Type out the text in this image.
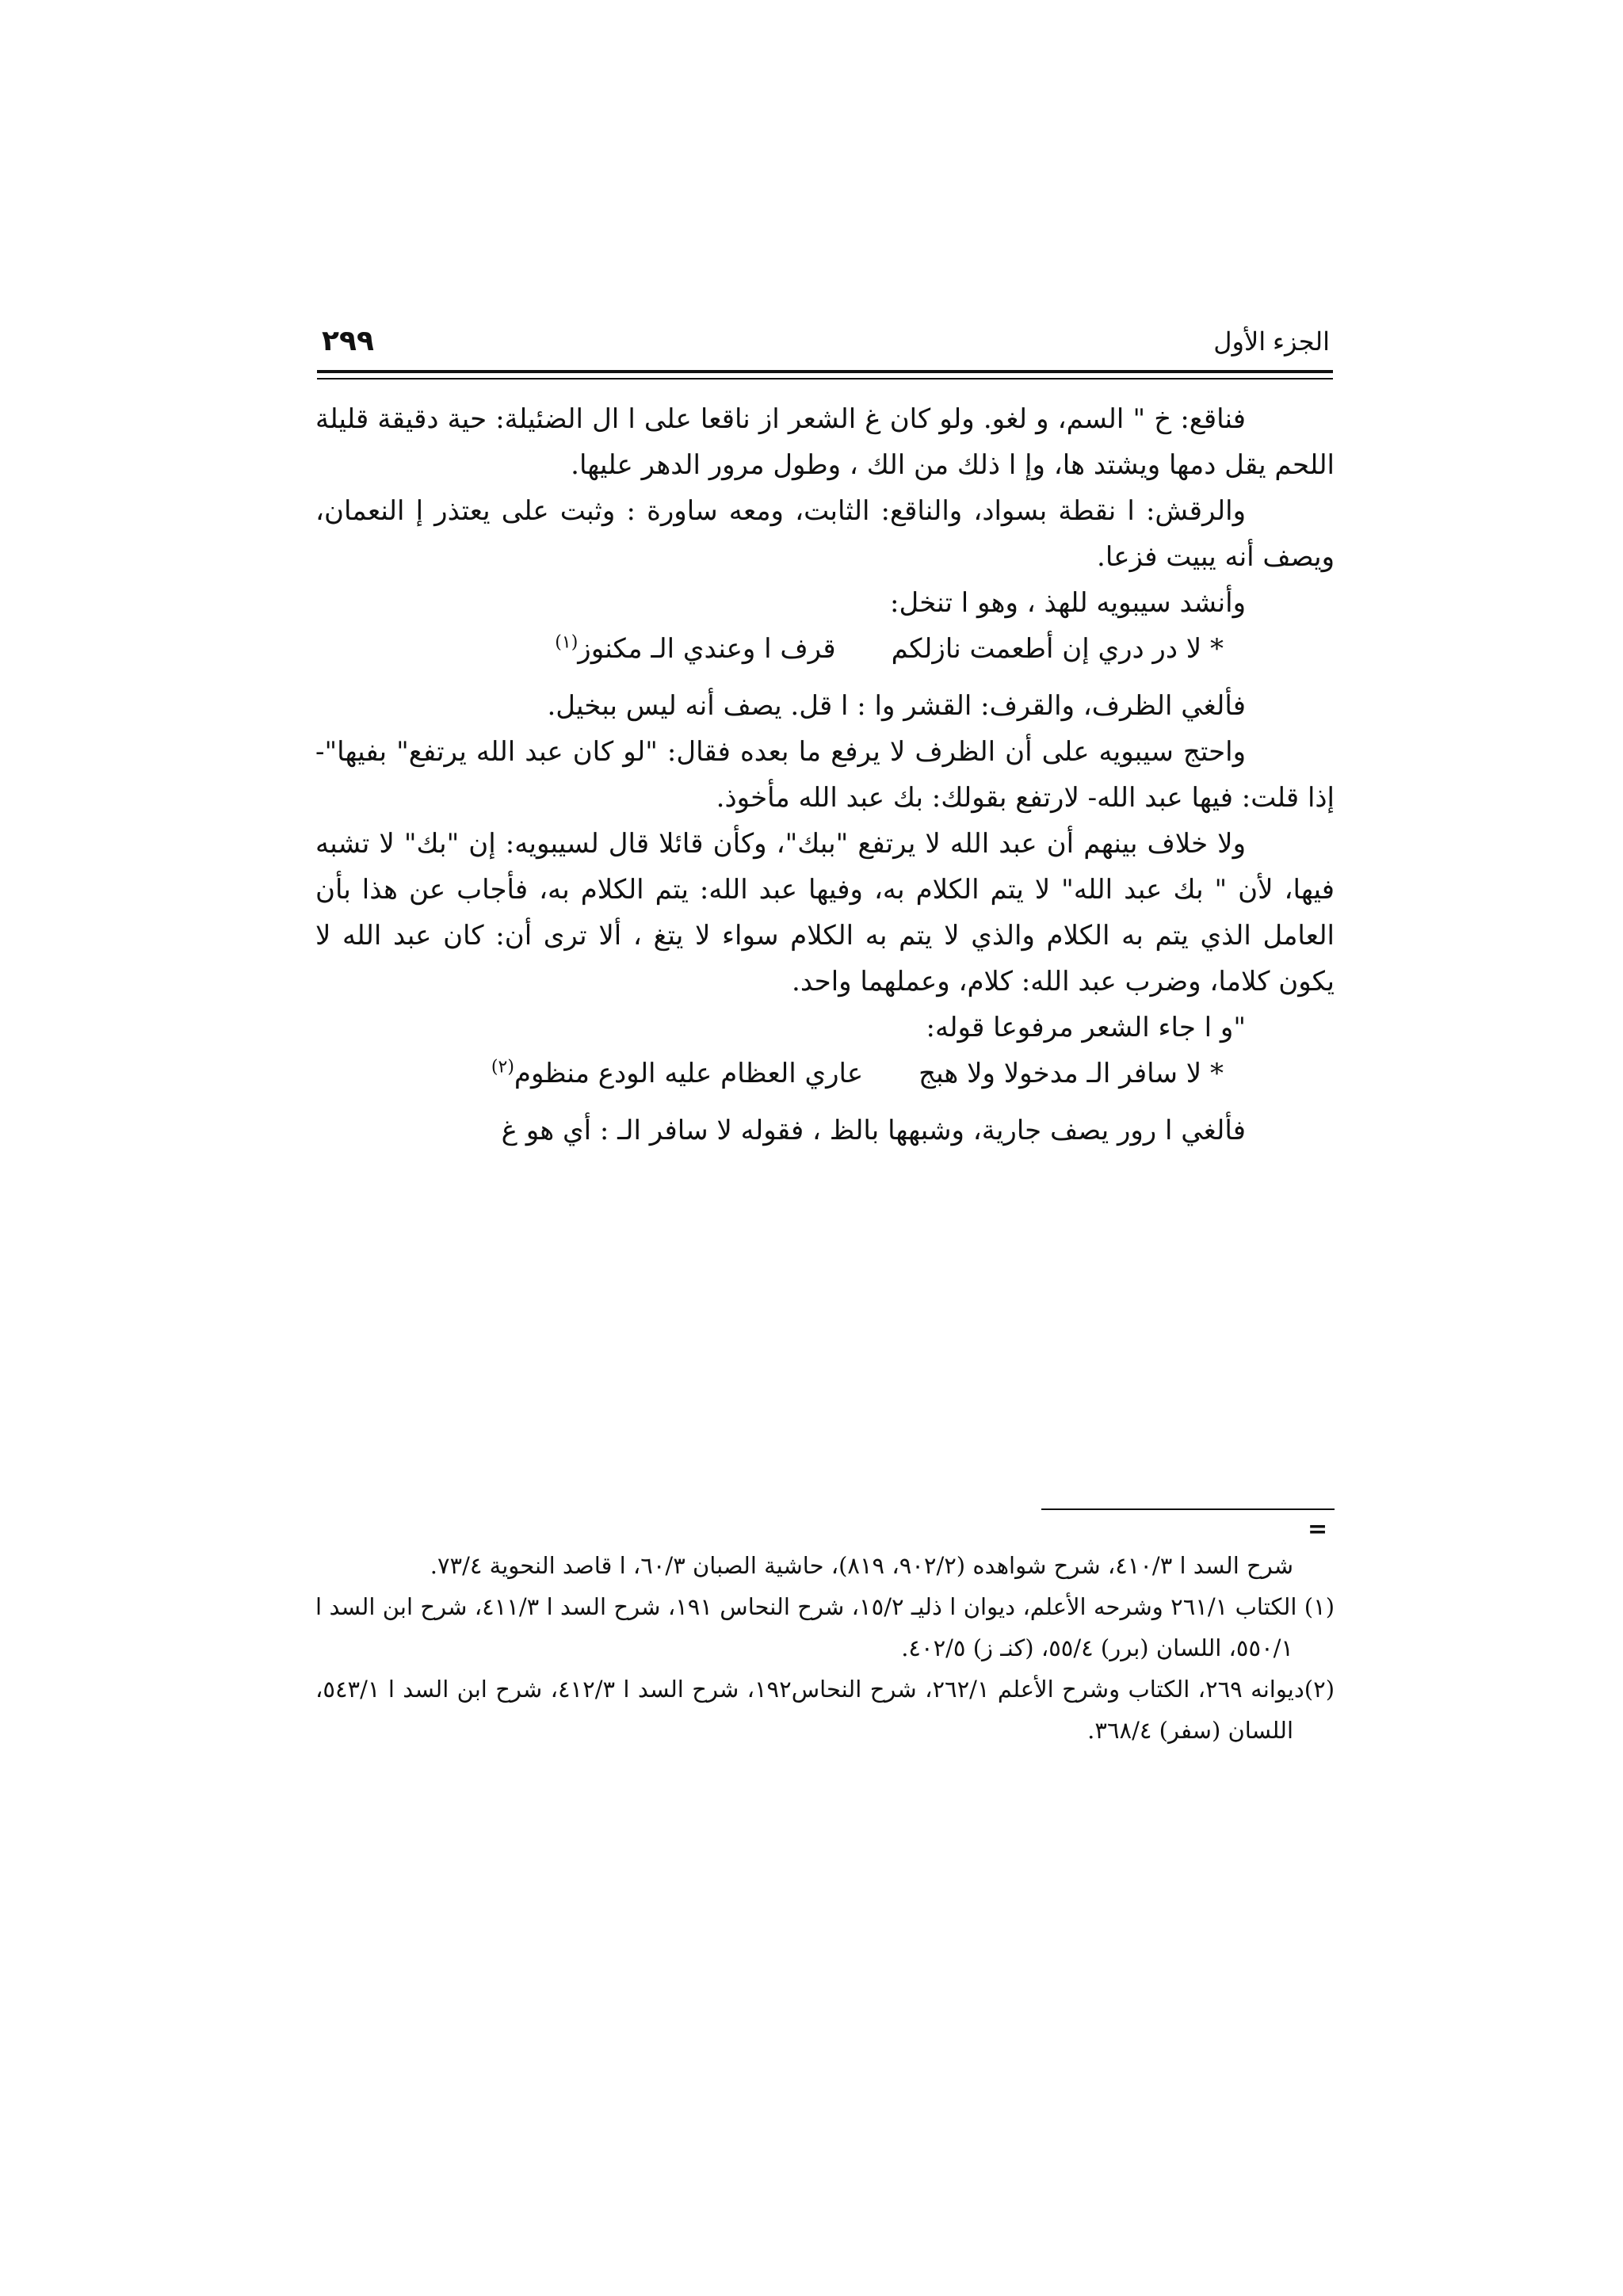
الجزء الأول
٢٩٩

فناقع: خ " السم، و لغو. ولو كان غ الشعر از ناقعا على ا ال الضئيلة: حية دقيقة قليلة اللحم يقل دمها ويشتد ها، وإ ا ذلك من الك ، وطول مرور الدهر عليها.

والرقش: ا نقطة بسواد، والناقع: الثابت، ومعه ساورة : وثبت على يعتذر إ النعمان، ويصف أنه يبيت فزعا.

وأنشد سيبويه للهذ ، وهو ا تنخل:

* لا در دري إن أطعمت نازلكمقرف ا وعندي الـ مكنوز$^{(١)}$

فألغي الظرف، والقرف: القشر وا : ا قل. يصف أنه ليس ببخيل.

واحتج سيبويه على أن الظرف لا يرفع ما بعده فقال: "لو كان عبد الله يرتفع" بفيها"- إذا قلت: فيها عبد الله- لارتفع بقولك: بك عبد الله مأخوذ.

ولا خلاف بينهم أن عبد الله لا يرتفع "ببك"، وكأن قائلا قال لسيبويه: إن "بك" لا تشبه فيها، لأن " بك عبد الله" لا يتم الكلام به، وفيها عبد الله: يتم الكلام به، فأجاب عن هذا بأن العامل الذي يتم به الكلام والذي لا يتم به الكلام سواء لا يتغ ، ألا ترى أن: كان عبد الله لا يكون كلاما، وضرب عبد الله: كلام، وعملهما واحد.

"و ا جاء الشعر مرفوعا قوله:

* لا سافر الـ مدخولا ولا هبجعاري العظام عليه الودع منظوم$^{(٢)}$

فألغي ا رور يصف جارية، وشبهها بالظ ، فقوله لا سافر الـ : أي هو غ

=

شرح السد ا ٤١٠/٣، شرح شواهده (٩٠٢/٢، ٨١٩)، حاشية الصبان ٦٠/٣، ا قاصد النحوية ٧٣/٤.

(١) الكتاب ٢٦١/١ وشرحه الأعلم، ديوان ا ذليـ ١٥/٢، شرح النحاس ١٩١، شرح السد ا ٤١١/٣، شرح ابن السد ا ٥٥٠/١، اللسان (برر) ٥٥/٤، (كنـ ز) ٤٠٢/٥.

(٢)ديوانه ٢٦٩، الكتاب وشرح الأعلم ٢٦٢/١، شرح النحاس١٩٢، شرح السد ا ٤١٢/٣، شرح ابن السد ا ٥٤٣/١، اللسان (سفر) ٣٦٨/٤.
